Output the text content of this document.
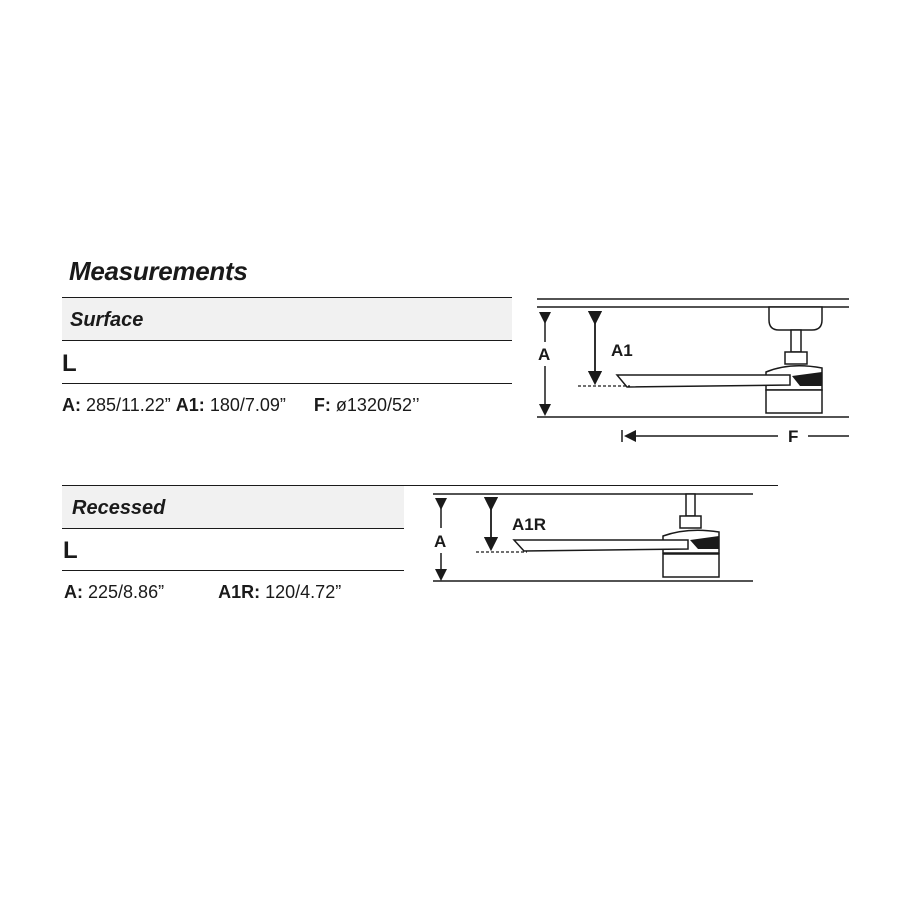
Measurements
Surface
L
A: 285/11.22” A1: 180/7.09” F: ø1320/52’’
A	A1
F
Recessed
L
A: 225/8.86”	A1R: 120/4.72”
A
A1R
